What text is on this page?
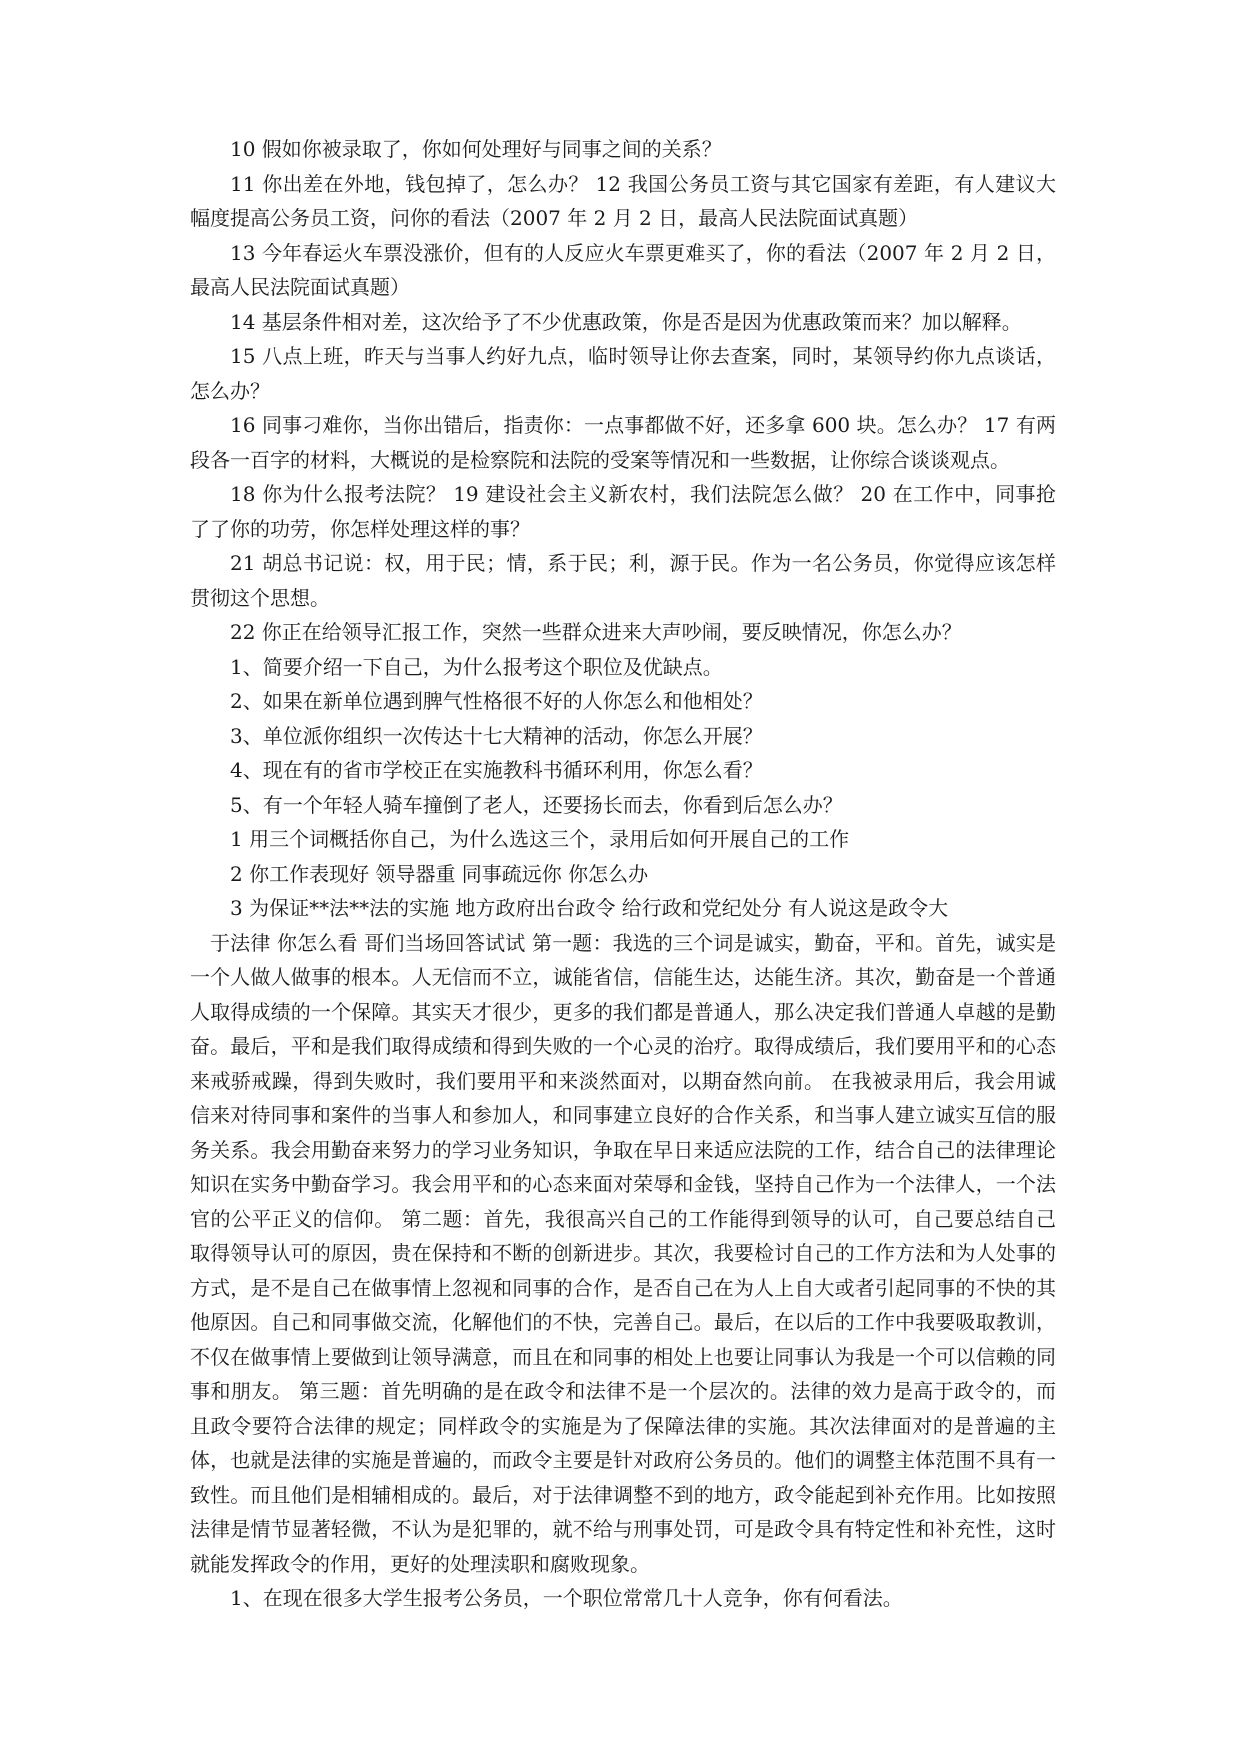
10 假如你被录取了，你如何处理好与同事之间的关系？

11 你出差在外地，钱包掉了，怎么办？ 12 我国公务员工资与其它国家有差距，有人建议大幅度提高公务员工资，问你的看法（2007 年 2 月 2 日，最高人民法院面试真题）

13 今年春运火车票没涨价，但有的人反应火车票更难买了，你的看法（2007 年 2 月 2 日，最高人民法院面试真题）

14 基层条件相对差，这次给予了不少优惠政策，你是否是因为优惠政策而来？加以解释。

15 八点上班，昨天与当事人约好九点，临时领导让你去查案，同时，某领导约你九点谈话，怎么办？

16 同事刁难你，当你出错后，指责你：一点事都做不好，还多拿 600 块。怎么办？ 17 有两段各一百字的材料，大概说的是检察院和法院的受案等情况和一些数据，让你综合谈谈观点。

18 你为什么报考法院？ 19 建设社会主义新农村，我们法院怎么做？ 20 在工作中，同事抢了了你的功劳，你怎样处理这样的事？

21 胡总书记说：权，用于民；情，系于民；利，源于民。作为一名公务员，你觉得应该怎样贯彻这个思想。

22 你正在给领导汇报工作，突然一些群众进来大声吵闹，要反映情况，你怎么办？

1、简要介绍一下自己，为什么报考这个职位及优缺点。

2、如果在新单位遇到脾气性格很不好的人你怎么和他相处？

3、单位派你组织一次传达十七大精神的活动，你怎么开展？

4、现在有的省市学校正在实施教科书循环利用，你怎么看？

5、有一个年轻人骑车撞倒了老人，还要扬长而去，你看到后怎么办？

1 用三个词概括你自己，为什么选这三个，录用后如何开展自己的工作

2 你工作表现好 领导器重 同事疏远你 你怎么办

3 为保证**法**法的实施 地方政府出台政令 给行政和党纪处分 有人说这是政令大

于法律 你怎么看 哥们当场回答试试 第一题：我选的三个词是诚实，勤奋，平和。首先，诚实是一个人做人做事的根本。人无信而不立，诚能省信，信能生达，达能生济。其次，勤奋是一个普通人取得成绩的一个保障。其实天才很少，更多的我们都是普通人，那么决定我们普通人卓越的是勤奋。最后，平和是我们取得成绩和得到失败的一个心灵的治疗。取得成绩后，我们要用平和的心态来戒骄戒躁，得到失败时，我们要用平和来淡然面对，以期奋然向前。 在我被录用后，我会用诚信来对待同事和案件的当事人和参加人，和同事建立良好的合作关系，和当事人建立诚实互信的服务关系。我会用勤奋来努力的学习业务知识，争取在早日来适应法院的工作，结合自己的法律理论知识在实务中勤奋学习。我会用平和的心态来面对荣辱和金钱，坚持自己作为一个法律人，一个法官的公平正义的信仰。 第二题：首先，我很高兴自己的工作能得到领导的认可，自己要总结自己取得领导认可的原因，贵在保持和不断的创新进步。其次，我要检讨自己的工作方法和为人处事的方式，是不是自己在做事情上忽视和同事的合作，是否自己在为人上自大或者引起同事的不快的其他原因。自己和同事做交流，化解他们的不快，完善自己。最后，在以后的工作中我要吸取教训，不仅在做事情上要做到让领导满意，而且在和同事的相处上也要让同事认为我是一个可以信赖的同事和朋友。 第三题：首先明确的是在政令和法律不是一个层次的。法律的效力是高于政令的，而且政令要符合法律的规定；同样政令的实施是为了保障法律的实施。其次法律面对的是普遍的主体，也就是法律的实施是普遍的，而政令主要是针对政府公务员的。他们的调整主体范围不具有一致性。而且他们是相辅相成的。最后，对于法律调整不到的地方，政令能起到补充作用。比如按照法律是情节显著轻微，不认为是犯罪的，就不给与刑事处罚，可是政令具有特定性和补充性，这时就能发挥政令的作用，更好的处理渎职和腐败现象。

1、在现在很多大学生报考公务员，一个职位常常几十人竞争，你有何看法。
